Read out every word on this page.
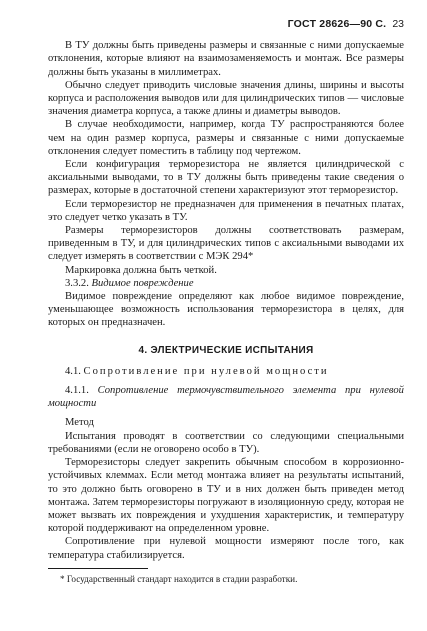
ГОСТ 28626—90 С. 23

В ТУ должны быть приведены размеры и связанные с ними допускаемые отклонения, которые влияют на взаимозаменяемость и монтаж. Все размеры должны быть указаны в миллиметрах.

Обычно следует приводить числовые значения длины, ширины и высоты корпуса и расположения выводов или для цилиндрических типов — числовые значения диаметра корпуса, а также длины и диаметры выводов.

В случае необходимости, например, когда ТУ распространяются более чем на один размер корпуса, размеры и связанные с ними допускаемые отклонения следует поместить в таблицу под чертежом.

Если конфигурация терморезистора не является цилиндрической с аксиальными выводами, то в ТУ должны быть приведены такие сведения о размерах, которые в достаточной степени характеризуют этот терморезистор.

Если терморезистор не предназначен для применения в печатных платах, это следует четко указать в ТУ.

Размеры терморезисторов должны соответствовать размерам, приведенным в ТУ, и для цилиндрических типов с аксиальными выводами их следует измерять в соответствии с МЭК 294*

Маркировка должна быть четкой.

3.3.2. Видимое повреждение

Видимое повреждение определяют как любое видимое повреждение, уменьшающее возможность использования терморезистора в целях, для которых он предназначен.

4. ЭЛЕКТРИЧЕСКИЕ ИСПЫТАНИЯ

4.1. Сопротивление при нулевой мощности

4.1.1. Сопротивление термочувствительного элемента при нулевой мощности

Метод

Испытания проводят в соответствии со следующими специальными требованиями (если не оговорено особо в ТУ).

Терморезисторы следует закрепить обычным способом в коррозионно-устойчивых клеммах. Если метод монтажа влияет на результаты испытаний, то это должно быть оговорено в ТУ и в них должен быть приведен метод монтажа. Затем терморезисторы погружают в изоляционную среду, которая не может вызвать их повреждения и ухудшения характеристик, и температуру которой поддерживают на определенном уровне.

Сопротивление при нулевой мощности измеряют после того, как температура стабилизируется.

* Государственный стандарт находится в стадии разработки.
